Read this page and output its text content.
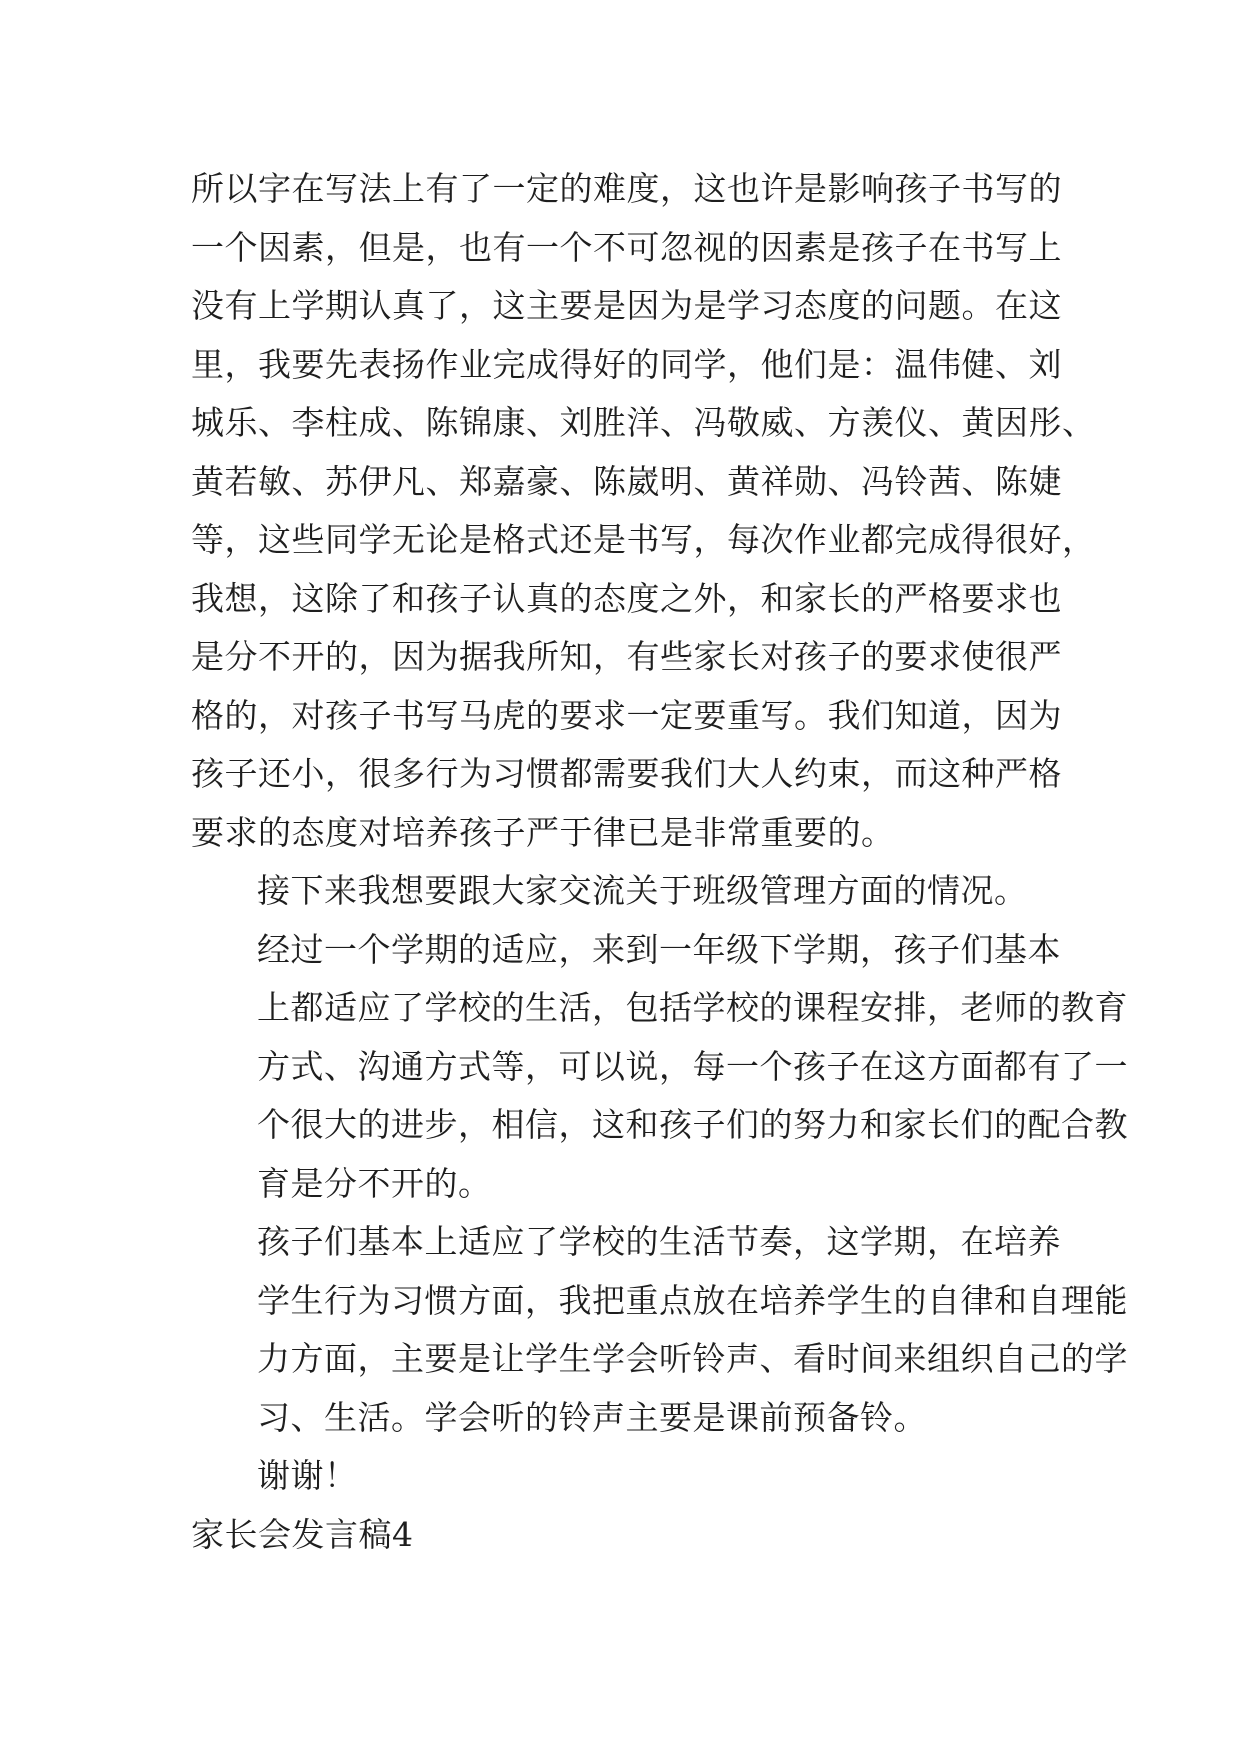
所以字在写法上有了一定的难度，这也许是影响孩子书写的
一个因素，但是，也有一个不可忽视的因素是孩子在书写上
没有上学期认真了，这主要是因为是学习态度的问题。在这
里，我要先表扬作业完成得好的同学，他们是：温伟健、刘
城乐、李柱成、陈锦康、刘胜洋、冯敬威、方羡仪、黄因彤、
黄若敏、苏伊凡、郑嘉豪、陈崴明、黄祥勋、冯铃茜、陈婕
等，这些同学无论是格式还是书写，每次作业都完成得很好，
我想，这除了和孩子认真的态度之外，和家长的严格要求也
是分不开的，因为据我所知，有些家长对孩子的要求使很严
格的，对孩子书写马虎的要求一定要重写。我们知道，因为
孩子还小，很多行为习惯都需要我们大人约束，而这种严格
要求的态度对培养孩子严于律已是非常重要的。

接下来我想要跟大家交流关于班级管理方面的情况。

经过一个学期的适应，来到一年级下学期，孩子们基本
上都适应了学校的生活，包括学校的课程安排，老师的教育
方式、沟通方式等，可以说，每一个孩子在这方面都有了一
个很大的进步，相信，这和孩子们的努力和家长们的配合教
育是分不开的。

孩子们基本上适应了学校的生活节奏，这学期，在培养
学生行为习惯方面，我把重点放在培养学生的自律和自理能
力方面，主要是让学生学会听铃声、看时间来组织自己的学
习、生活。学会听的铃声主要是课前预备铃。

谢谢！

家长会发言稿4
